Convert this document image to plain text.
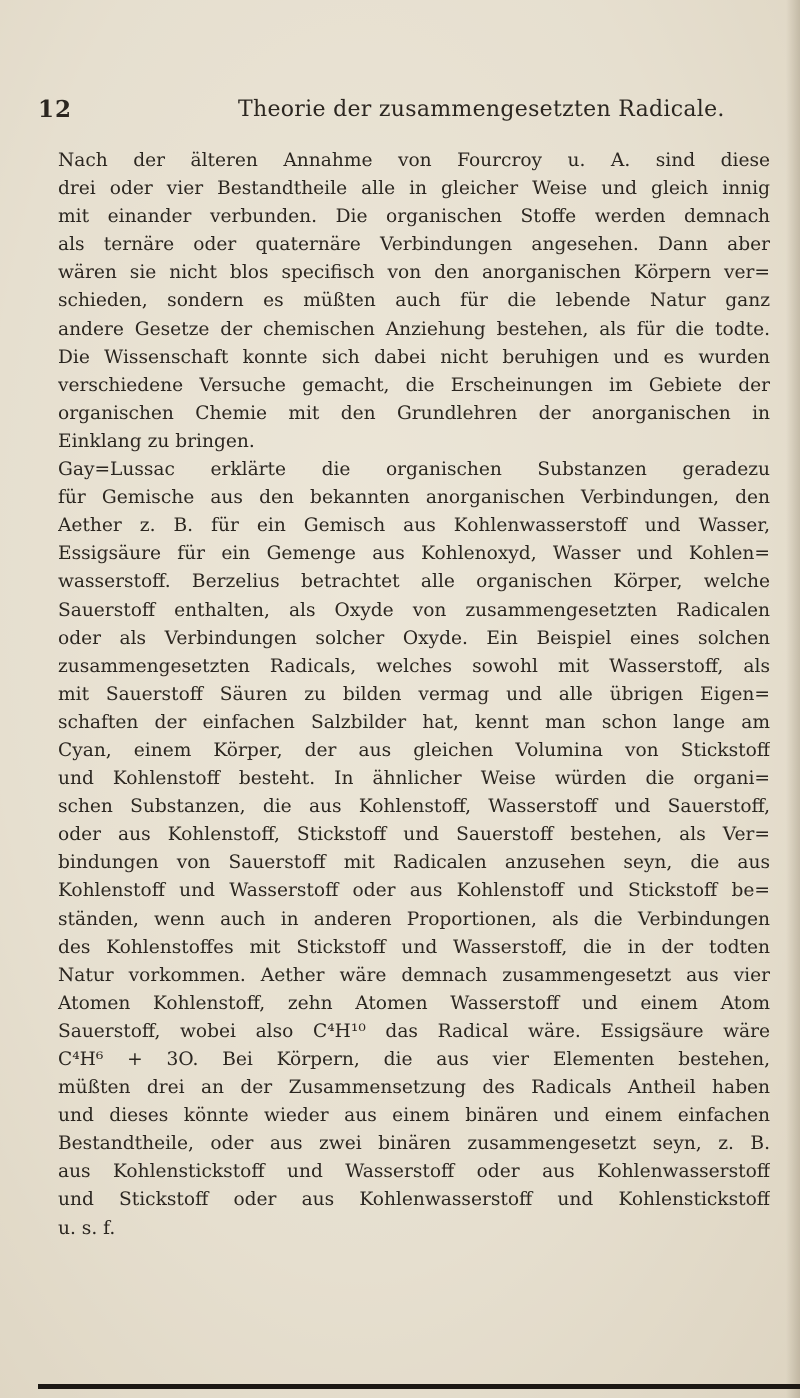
12	Theorie der zusammengesetzten Radicale.
Nach der älteren Annahme von Fourcroy u. A. sind diese
drei oder vier Bestandtheile alle in gleicher Weise und gleich innig
mit einander verbunden. Die organischen Stoffe werden demnach
als ternäre oder quaternäre Verbindungen angesehen. Dann aber
wären sie nicht blos specifisch von den anorganischen Körpern ver=
schieden, sondern es müßten auch für die lebende Natur ganz
andere Gesetze der chemischen Anziehung bestehen, als für die todte.
Die Wissenschaft konnte sich dabei nicht beruhigen und es wurden
verschiedene Versuche gemacht, die Erscheinungen im Gebiete der
organischen Chemie mit den Grundlehren der anorganischen in
Einklang zu bringen.
Gay=Lussac erklärte die organischen Substanzen geradezu
für Gemische aus den bekannten anorganischen Verbindungen, den
Aether z. B. für ein Gemisch aus Kohlenwasserstoff und Wasser,
Essigsäure für ein Gemenge aus Kohlenoxyd, Wasser und Kohlen=
wasserstoff. Berzelius betrachtet alle organischen Körper, welche
Sauerstoff enthalten, als Oxyde von zusammengesetzten Radicalen
oder als Verbindungen solcher Oxyde. Ein Beispiel eines solchen
zusammengesetzten Radicals, welches sowohl mit Wasserstoff, als
mit Sauerstoff Säuren zu bilden vermag und alle übrigen Eigen=
schaften der einfachen Salzbilder hat, kennt man schon lange am
Cyan, einem Körper, der aus gleichen Volumina von Stickstoff
und Kohlenstoff besteht. In ähnlicher Weise würden die organi=
schen Substanzen, die aus Kohlenstoff, Wasserstoff und Sauerstoff,
oder aus Kohlenstoff, Stickstoff und Sauerstoff bestehen, als Ver=
bindungen von Sauerstoff mit Radicalen anzusehen seyn, die aus
Kohlenstoff und Wasserstoff oder aus Kohlenstoff und Stickstoff be=
ständen, wenn auch in anderen Proportionen, als die Verbindungen
des Kohlenstoffes mit Stickstoff und Wasserstoff, die in der todten
Natur vorkommen. Aether wäre demnach zusammengesetzt aus vier
Atomen Kohlenstoff, zehn Atomen Wasserstoff und einem Atom
Sauerstoff, wobei also C⁴H¹⁰ das Radical wäre. Essigsäure wäre
C⁴H⁶ + 3O. Bei Körpern, die aus vier Elementen bestehen,
müßten drei an der Zusammensetzung des Radicals Antheil haben
und dieses könnte wieder aus einem binären und einem einfachen
Bestandtheile, oder aus zwei binären zusammengesetzt seyn, z. B.
aus Kohlenstickstoff und Wasserstoff oder aus Kohlenwasserstoff
und Stickstoff oder aus Kohlenwasserstoff und Kohlenstickstoff
u. s. f.
